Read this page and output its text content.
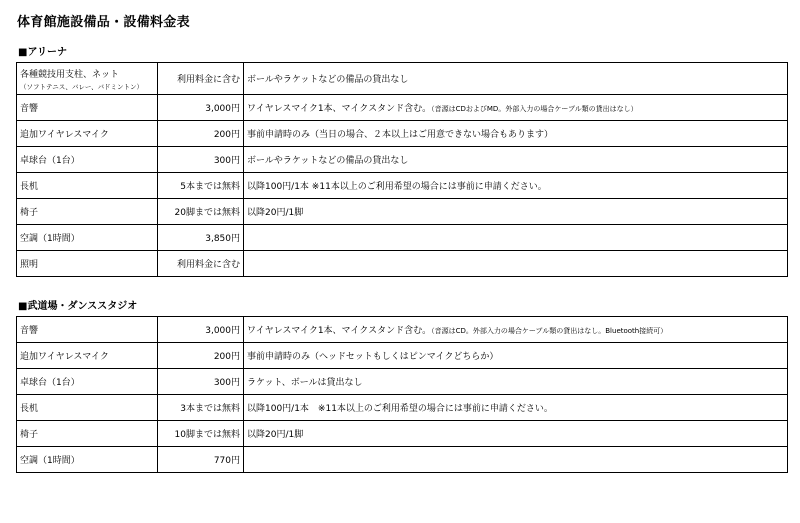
体育館施設備品・設備料金表
■アリーナ
各種競技用支柱、ネット
（ソフトテニス、バレー、バドミントン）	利用料金に含む	ボールやラケットなどの備品の貸出なし
音響	3,000円	ワイヤレスマイク1本、マイクスタンド含む。（音源はCDおよびMD。外部入力の場合ケーブル類の貸出はなし）
追加ワイヤレスマイク	200円	事前申請時のみ（当日の場合、２本以上はご用意できない場合もあります）
卓球台（1台）	300円	ボールやラケットなどの備品の貸出なし
長机	5本までは無料	以降100円/1本 ※11本以上のご利用希望の場合には事前に申請ください。
椅子	20脚までは無料	以降20円/1脚
空調（1時間）	3,850円	
照明	利用料金に含む	
■武道場・ダンススタジオ
音響	3,000円	ワイヤレスマイク1本、マイクスタンド含む。（音源はCD。外部入力の場合ケーブル類の貸出はなし。Bluetooth接続可）
追加ワイヤレスマイク	200円	事前申請時のみ（ヘッドセットもしくはピンマイクどちらか）
卓球台（1台）	300円	ラケット、ボールは貸出なし
長机	3本までは無料	以降100円/1本　※11本以上のご利用希望の場合には事前に申請ください。
椅子	10脚までは無料	以降20円/1脚
空調（1時間）	770円	
